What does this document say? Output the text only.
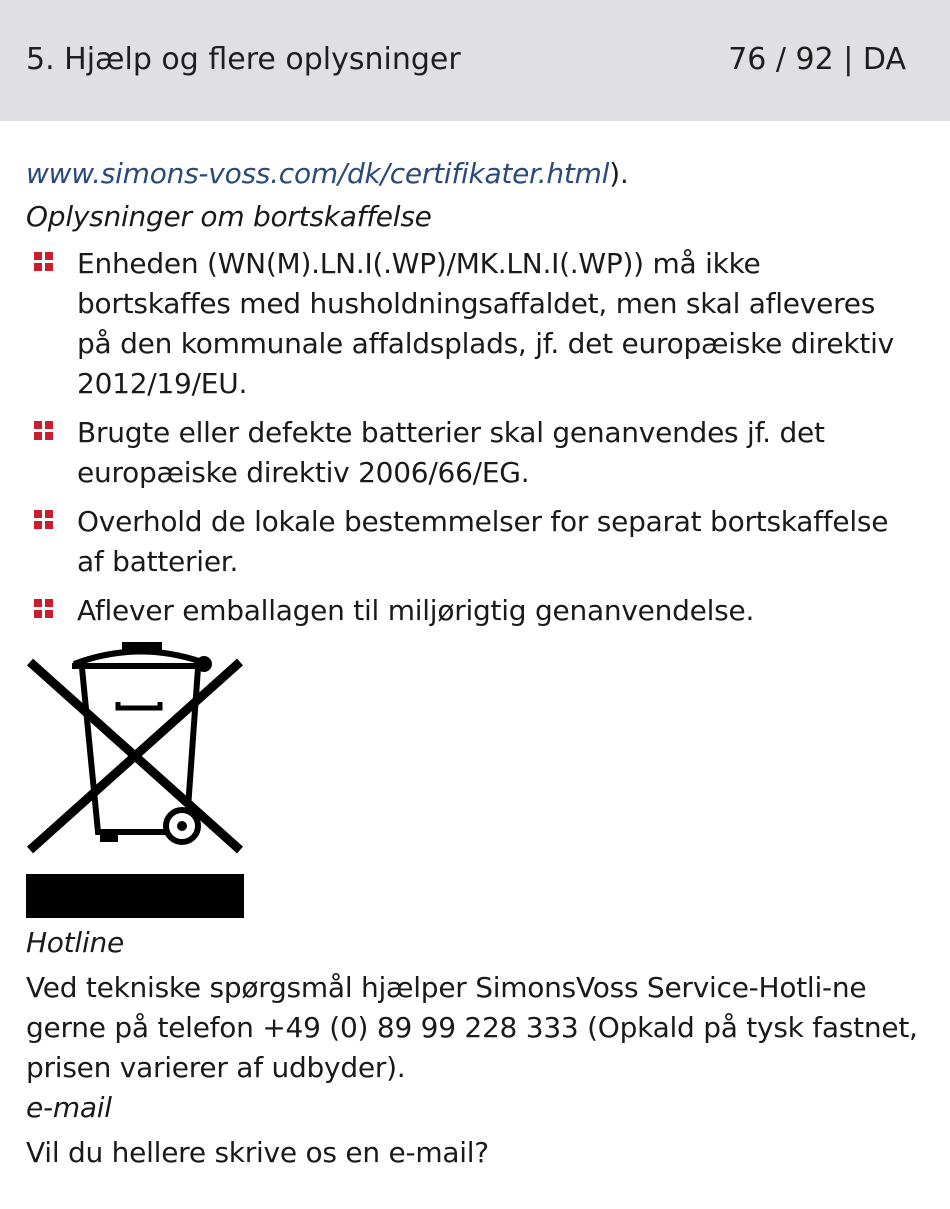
5. Hjælp og flere oplysninger	76 / 92 | DA

www.simons-voss.com/dk/certifikater.html).

Oplysninger om bortskaffelse

Enheden (WN(M).LN.I(.WP)/MK.LN.I(.WP)) må ikke bortskaffes med husholdningsaffaldet, men skal afleveres på den kommunale affaldsplads, jf. det europæiske direktiv 2012/19/EU.
Brugte eller defekte batterier skal genanvendes jf. det europæiske direktiv 2006/66/EG.
Overhold de lokale bestemmelser for separat bortskaffelse af batterier.
Aflever emballagen til miljørigtig genanvendelse.

Hotline

Ved tekniske spørgsmål hjælper SimonsVoss Service-Hotli-ne gerne på telefon +49 (0) 89 99 228 333 (Opkald på tysk fastnet, prisen varierer af udbyder).

e-mail

Vil du hellere skrive os en e-mail?
